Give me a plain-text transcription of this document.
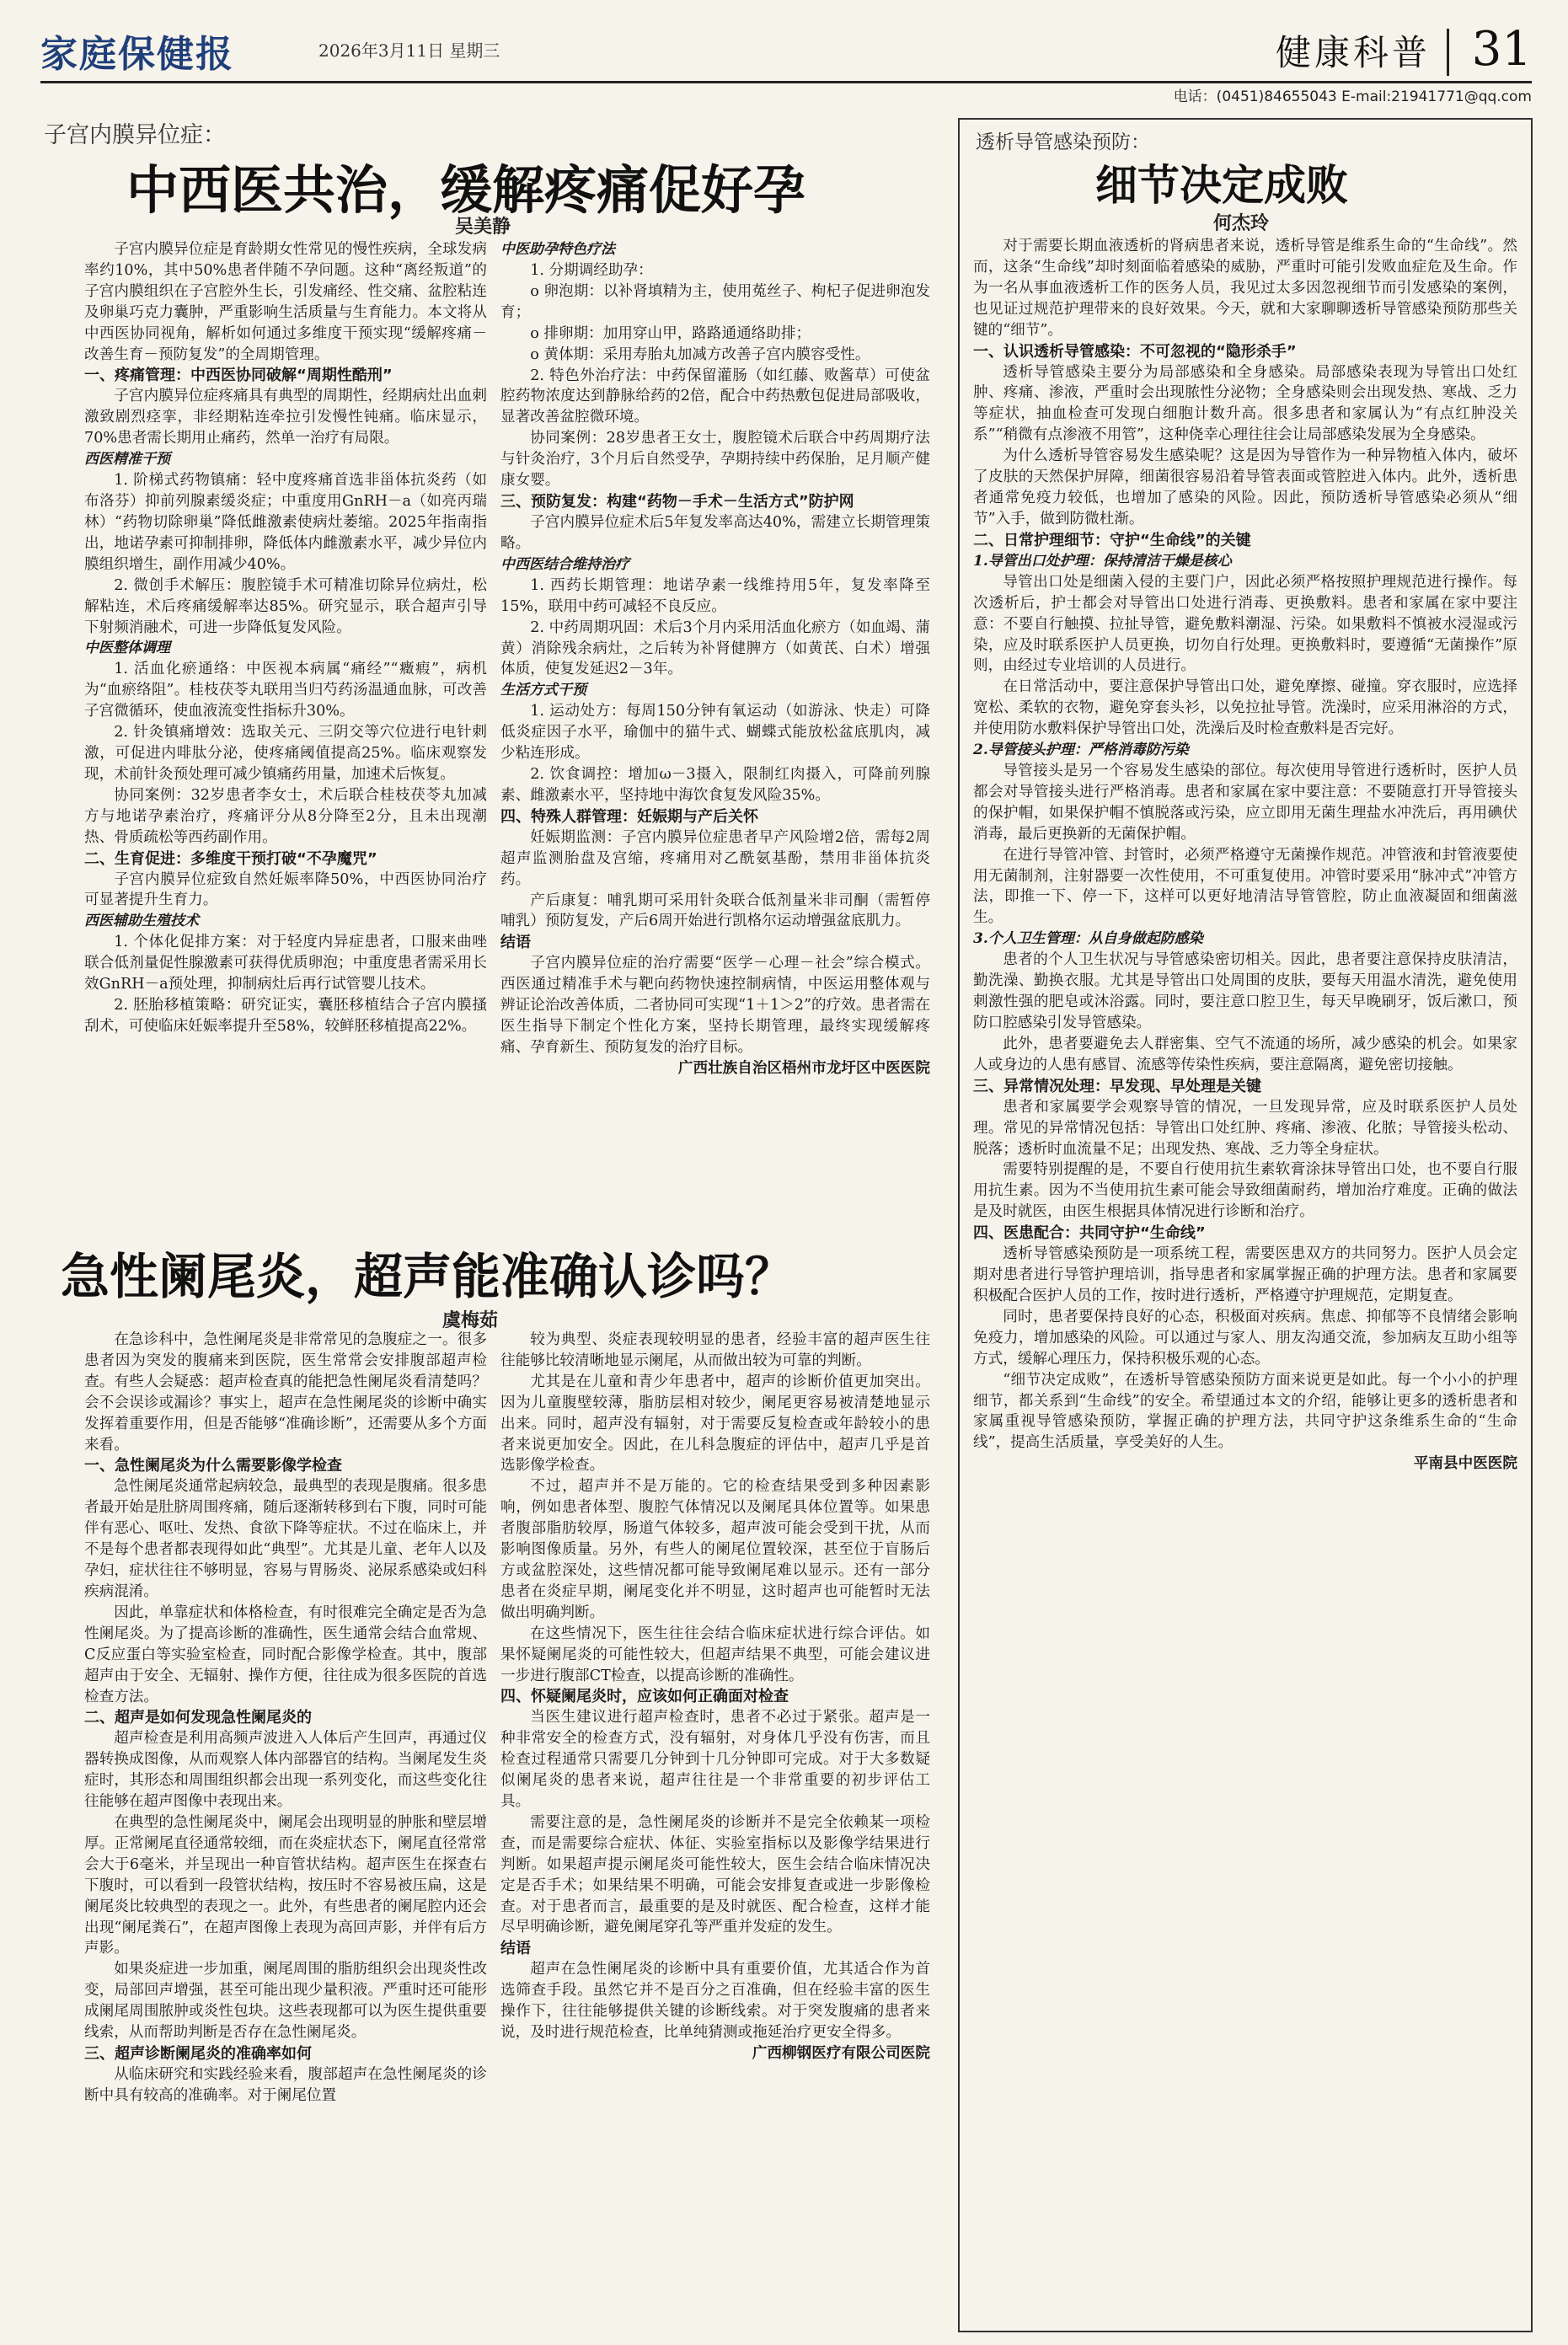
家庭保健报	2026年3月11日 星期三	健康科普 31
电话：(0451)84655043 E-mail:21941771@qq.com
子宫内膜异位症：
中西医共治，缓解疼痛促好孕
吴美静

子宫内膜异位症是育龄期女性常见的慢性疾病，全球发病率约10%，其中50%患者伴随不孕问题。这种“离经叛道”的子宫内膜组织在子宫腔外生长，引发痛经、性交痛、盆腔粘连及卵巢巧克力囊肿，严重影响生活质量与生育能力。本文将从中西医协同视角，解析如何通过多维度干预实现“缓解疼痛－改善生育－预防复发”的全周期管理。

一、疼痛管理：中西医协同破解“周期性酷刑”

子宫内膜异位症疼痛具有典型的周期性，经期病灶出血刺激致剧烈痉挛，非经期粘连牵拉引发慢性钝痛。临床显示，70%患者需长期用止痛药，然单一治疗有局限。

西医精准干预

1. 阶梯式药物镇痛：轻中度疼痛首选非甾体抗炎药（如布洛芬）抑前列腺素缓炎症；中重度用GnRH－a（如亮丙瑞林）“药物切除卵巢”降低雌激素使病灶萎缩。2025年指南指出，地诺孕素可抑制排卵，降低体内雌激素水平，减少异位内膜组织增生，副作用减少40%。

2. 微创手术解压：腹腔镜手术可精准切除异位病灶，松解粘连，术后疼痛缓解率达85%。研究显示，联合超声引导下射频消融术，可进一步降低复发风险。

中医整体调理

1. 活血化瘀通络：中医视本病属“痛经”“癥瘕”，病机为“血瘀络阻”。桂枝茯苓丸联用当归芍药汤温通血脉，可改善子宫微循环，使血液流变性指标升30%。

2. 针灸镇痛增效：选取关元、三阴交等穴位进行电针刺激，可促进内啡肽分泌，使疼痛阈值提高25%。临床观察发现，术前针灸预处理可减少镇痛药用量，加速术后恢复。

协同案例：32岁患者李女士，术后联合桂枝茯苓丸加减方与地诺孕素治疗，疼痛评分从8分降至2分，且未出现潮热、骨质疏松等西药副作用。

二、生育促进：多维度干预打破“不孕魔咒”

子宫内膜异位症致自然妊娠率降50%，中西医协同治疗可显著提升生育力。

西医辅助生殖技术

1. 个体化促排方案：对于轻度内异症患者，口服来曲唑联合低剂量促性腺激素可获得优质卵泡；中重度患者需采用长效GnRH－a预处理，抑制病灶后再行试管婴儿技术。

2. 胚胎移植策略：研究证实，囊胚移植结合子宫内膜搔刮术，可使临床妊娠率提升至58%，较鲜胚移植提高22%。

中医助孕特色疗法

1. 分期调经助孕：

o 卵泡期：以补肾填精为主，使用菟丝子、枸杞子促进卵泡发育；

o 排卵期：加用穿山甲，路路通通络助排；

o 黄体期：采用寿胎丸加减方改善子宫内膜容受性。

2. 特色外治疗法：中药保留灌肠（如红藤、败酱草）可使盆腔药物浓度达到静脉给药的2倍，配合中药热敷包促进局部吸收，显著改善盆腔微环境。

协同案例：28岁患者王女士，腹腔镜术后联合中药周期疗法与针灸治疗，3个月后自然受孕，孕期持续中药保胎，足月顺产健康女婴。

三、预防复发：构建“药物－手术－生活方式”防护网

子宫内膜异位症术后5年复发率高达40%，需建立长期管理策略。

中西医结合维持治疗

1. 西药长期管理：地诺孕素一线维持用5年，复发率降至15%，联用中药可减轻不良反应。

2. 中药周期巩固：术后3个月内采用活血化瘀方（如血竭、蒲黄）消除残余病灶，之后转为补肾健脾方（如黄芪、白术）增强体质，使复发延迟2－3年。

生活方式干预

1. 运动处方：每周150分钟有氧运动（如游泳、快走）可降低炎症因子水平，瑜伽中的猫牛式、蝴蝶式能放松盆底肌肉，减少粘连形成。

2. 饮食调控：增加ω－3摄入，限制红肉摄入，可降前列腺素、雌激素水平，坚持地中海饮食复发风险35%。

四、特殊人群管理：妊娠期与产后关怀

妊娠期监测：子宫内膜异位症患者早产风险增2倍，需每2周超声监测胎盘及宫缩，疼痛用对乙酰氨基酚，禁用非甾体抗炎药。

产后康复：哺乳期可采用针灸联合低剂量米非司酮（需暂停哺乳）预防复发，产后6周开始进行凯格尔运动增强盆底肌力。

结语

子宫内膜异位症的治疗需要“医学－心理－社会”综合模式。西医通过精准手术与靶向药物快速控制病情，中医运用整体观与辨证论治改善体质，二者协同可实现“1＋1＞2”的疗效。患者需在医生指导下制定个性化方案，坚持长期管理，最终实现缓解疼痛、孕育新生、预防复发的治疗目标。

广西壮族自治区梧州市龙圩区中医医院
急性阑尾炎，超声能准确认诊吗？
虞梅茹

在急诊科中，急性阑尾炎是非常常见的急腹症之一。很多患者因为突发的腹痛来到医院，医生常常会安排腹部超声检查。有些人会疑惑：超声检查真的能把急性阑尾炎看清楚吗？会不会误诊或漏诊？事实上，超声在急性阑尾炎的诊断中确实发挥着重要作用，但是否能够“准确诊断”，还需要从多个方面来看。

一、急性阑尾炎为什么需要影像学检查

急性阑尾炎通常起病较急，最典型的表现是腹痛。很多患者最开始是肚脐周围疼痛，随后逐渐转移到右下腹，同时可能伴有恶心、呕吐、发热、食欲下降等症状。不过在临床上，并不是每个患者都表现得如此“典型”。尤其是儿童、老年人以及孕妇，症状往往不够明显，容易与胃肠炎、泌尿系感染或妇科疾病混淆。

因此，单靠症状和体格检查，有时很难完全确定是否为急性阑尾炎。为了提高诊断的准确性，医生通常会结合血常规、C反应蛋白等实验室检查，同时配合影像学检查。其中，腹部超声由于安全、无辐射、操作方便，往往成为很多医院的首选检查方法。

二、超声是如何发现急性阑尾炎的

超声检查是利用高频声波进入人体后产生回声，再通过仪器转换成图像，从而观察人体内部器官的结构。当阑尾发生炎症时，其形态和周围组织都会出现一系列变化，而这些变化往往能够在超声图像中表现出来。

在典型的急性阑尾炎中，阑尾会出现明显的肿胀和壁层增厚。正常阑尾直径通常较细，而在炎症状态下，阑尾直径常常会大于6毫米，并呈现出一种盲管状结构。超声医生在探查右下腹时，可以看到一段管状结构，按压时不容易被压扁，这是阑尾炎比较典型的表现之一。此外，有些患者的阑尾腔内还会出现“阑尾粪石”，在超声图像上表现为高回声影，并伴有后方声影。

如果炎症进一步加重，阑尾周围的脂肪组织会出现炎性改变，局部回声增强，甚至可能出现少量积液。严重时还可能形成阑尾周围脓肿或炎性包块。这些表现都可以为医生提供重要线索，从而帮助判断是否存在急性阑尾炎。

三、超声诊断阑尾炎的准确率如何

从临床研究和实践经验来看，腹部超声在急性阑尾炎的诊断中具有较高的准确率。对于阑尾位置

较为典型、炎症表现较明显的患者，经验丰富的超声医生往往能够比较清晰地显示阑尾，从而做出较为可靠的判断。

尤其是在儿童和青少年患者中，超声的诊断价值更加突出。因为儿童腹壁较薄，脂肪层相对较少，阑尾更容易被清楚地显示出来。同时，超声没有辐射，对于需要反复检查或年龄较小的患者来说更加安全。因此，在儿科急腹症的评估中，超声几乎是首选影像学检查。

不过，超声并不是万能的。它的检查结果受到多种因素影响，例如患者体型、腹腔气体情况以及阑尾具体位置等。如果患者腹部脂肪较厚，肠道气体较多，超声波可能会受到干扰，从而影响图像质量。另外，有些人的阑尾位置较深，甚至位于盲肠后方或盆腔深处，这些情况都可能导致阑尾难以显示。还有一部分患者在炎症早期，阑尾变化并不明显，这时超声也可能暂时无法做出明确判断。

在这些情况下，医生往往会结合临床症状进行综合评估。如果怀疑阑尾炎的可能性较大，但超声结果不典型，可能会建议进一步进行腹部CT检查，以提高诊断的准确性。

四、怀疑阑尾炎时，应该如何正确面对检查

当医生建议进行超声检查时，患者不必过于紧张。超声是一种非常安全的检查方式，没有辐射，对身体几乎没有伤害，而且检查过程通常只需要几分钟到十几分钟即可完成。对于大多数疑似阑尾炎的患者来说，超声往往是一个非常重要的初步评估工具。

需要注意的是，急性阑尾炎的诊断并不是完全依赖某一项检查，而是需要综合症状、体征、实验室指标以及影像学结果进行判断。如果超声提示阑尾炎可能性较大，医生会结合临床情况决定是否手术；如果结果不明确，可能会安排复查或进一步影像检查。对于患者而言，最重要的是及时就医、配合检查，这样才能尽早明确诊断，避免阑尾穿孔等严重并发症的发生。

结语

超声在急性阑尾炎的诊断中具有重要价值，尤其适合作为首选筛查手段。虽然它并不是百分之百准确，但在经验丰富的医生操作下，往往能够提供关键的诊断线索。对于突发腹痛的患者来说，及时进行规范检查，比单纯猜测或拖延治疗更安全得多。

广西柳钢医疗有限公司医院
透析导管感染预防：
细节决定成败
何杰玲

对于需要长期血液透析的肾病患者来说，透析导管是维系生命的“生命线”。然而，这条“生命线”却时刻面临着感染的威胁，严重时可能引发败血症危及生命。作为一名从事血液透析工作的医务人员，我见过太多因忽视细节而引发感染的案例，也见证过规范护理带来的良好效果。今天，就和大家聊聊透析导管感染预防那些关键的“细节”。

一、认识透析导管感染：不可忽视的“隐形杀手”

透析导管感染主要分为局部感染和全身感染。局部感染表现为导管出口处红肿、疼痛、渗液，严重时会出现脓性分泌物；全身感染则会出现发热、寒战、乏力等症状，抽血检查可发现白细胞计数升高。很多患者和家属认为“有点红肿没关系”“稍微有点渗液不用管”，这种侥幸心理往往会让局部感染发展为全身感染。

为什么透析导管容易发生感染呢？这是因为导管作为一种异物植入体内，破坏了皮肤的天然保护屏障，细菌很容易沿着导管表面或管腔进入体内。此外，透析患者通常免疫力较低，也增加了感染的风险。因此，预防透析导管感染必须从“细节”入手，做到防微杜渐。

二、日常护理细节：守护“生命线”的关键
1.导管出口处护理：保持清洁干燥是核心

导管出口处是细菌入侵的主要门户，因此必须严格按照护理规范进行操作。每次透析后，护士都会对导管出口处进行消毒、更换敷料。患者和家属在家中要注意：不要自行触摸、拉扯导管，避免敷料潮湿、污染。如果敷料不慎被水浸湿或污染，应及时联系医护人员更换，切勿自行处理。更换敷料时，要遵循“无菌操作”原则，由经过专业培训的人员进行。

在日常活动中，要注意保护导管出口处，避免摩擦、碰撞。穿衣服时，应选择宽松、柔软的衣物，避免穿套头衫，以免拉扯导管。洗澡时，应采用淋浴的方式，并使用防水敷料保护导管出口处，洗澡后及时检查敷料是否完好。

2.导管接头护理：严格消毒防污染

导管接头是另一个容易发生感染的部位。每次使用导管进行透析时，医护人员都会对导管接头进行严格消毒。患者和家属在家中要注意：不要随意打开导管接头的保护帽，如果保护帽不慎脱落或污染，应立即用无菌生理盐水冲洗后，再用碘伏消毒，最后更换新的无菌保护帽。

在进行导管冲管、封管时，必须严格遵守无菌操作规范。冲管液和封管液要使用无菌制剂，注射器要一次性使用，不可重复使用。冲管时要采用“脉冲式”冲管方法，即推一下、停一下，这样可以更好地清洁导管管腔，防止血液凝固和细菌滋生。

3.个人卫生管理：从自身做起防感染

患者的个人卫生状况与导管感染密切相关。因此，患者要注意保持皮肤清洁，勤洗澡、勤换衣服。尤其是导管出口处周围的皮肤，要每天用温水清洗，避免使用刺激性强的肥皂或沐浴露。同时，要注意口腔卫生，每天早晚刷牙，饭后漱口，预防口腔感染引发导管感染。

此外，患者要避免去人群密集、空气不流通的场所，减少感染的机会。如果家人或身边的人患有感冒、流感等传染性疾病，要注意隔离，避免密切接触。

三、异常情况处理：早发现、早处理是关键

患者和家属要学会观察导管的情况，一旦发现异常，应及时联系医护人员处理。常见的异常情况包括：导管出口处红肿、疼痛、渗液、化脓；导管接头松动、脱落；透析时血流量不足；出现发热、寒战、乏力等全身症状。

需要特别提醒的是，不要自行使用抗生素软膏涂抹导管出口处，也不要自行服用抗生素。因为不当使用抗生素可能会导致细菌耐药，增加治疗难度。正确的做法是及时就医，由医生根据具体情况进行诊断和治疗。

四、医患配合：共同守护“生命线”

透析导管感染预防是一项系统工程，需要医患双方的共同努力。医护人员会定期对患者进行导管护理培训，指导患者和家属掌握正确的护理方法。患者和家属要积极配合医护人员的工作，按时进行透析，严格遵守护理规范，定期复查。

同时，患者要保持良好的心态，积极面对疾病。焦虑、抑郁等不良情绪会影响免疫力，增加感染的风险。可以通过与家人、朋友沟通交流，参加病友互助小组等方式，缓解心理压力，保持积极乐观的心态。

“细节决定成败”，在透析导管感染预防方面来说更是如此。每一个小小的护理细节，都关系到“生命线”的安全。希望通过本文的介绍，能够让更多的透析患者和家属重视导管感染预防，掌握正确的护理方法，共同守护这条维系生命的“生命线”，提高生活质量，享受美好的人生。

平南县中医医院
